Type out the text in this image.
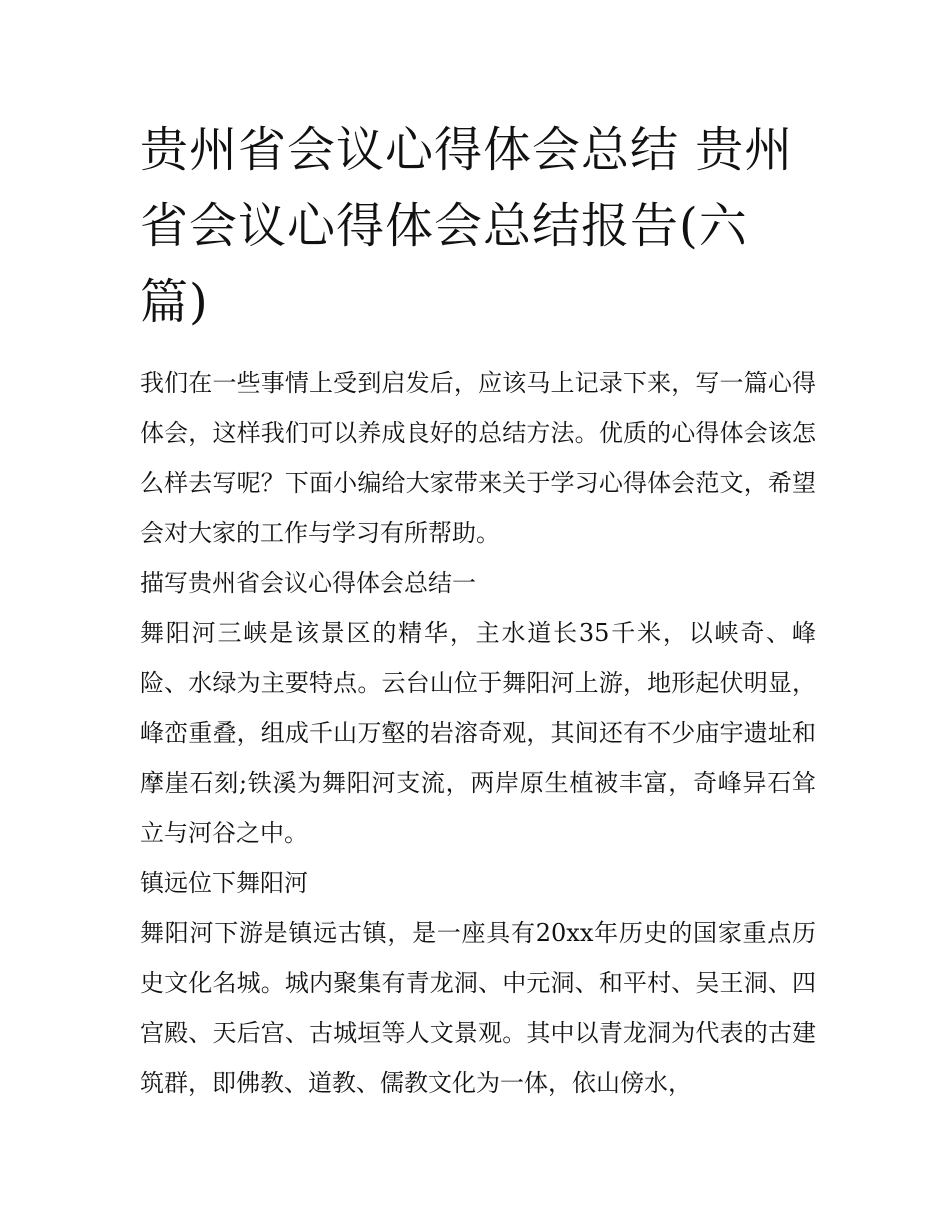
贵州省会议心得体会总结 贵州省会议心得体会总结报告(六篇)

我们在一些事情上受到启发后，应该马上记录下来，写一篇心得体会，这样我们可以养成良好的总结方法。优质的心得体会该怎么样去写呢？下面小编给大家带来关于学习心得体会范文，希望会对大家的工作与学习有所帮助。

描写贵州省会议心得体会总结一

舞阳河三峡是该景区的精华，主水道长35千米，以峡奇、峰险、水绿为主要特点。云台山位于舞阳河上游，地形起伏明显，峰峦重叠，组成千山万壑的岩溶奇观，其间还有不少庙宇遗址和摩崖石刻;铁溪为舞阳河支流，两岸原生植被丰富，奇峰异石耸立与河谷之中。

镇远位下舞阳河

舞阳河下游是镇远古镇，是一座具有20xx年历史的国家重点历史文化名城。城内聚集有青龙洞、中元洞、和平村、吴王洞、四宫殿、天后宫、古城垣等人文景观。其中以青龙洞为代表的古建筑群，即佛教、道教、儒教文化为一体，依山傍水，
